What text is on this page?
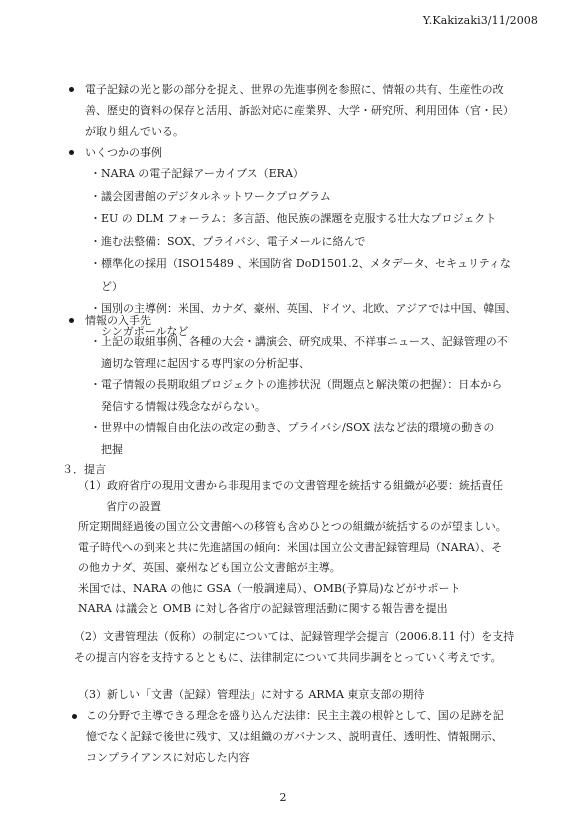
Y.Kakizaki3/11/2008
電子記録の光と影の部分を捉え、世界の先進事例を参照に、情報の共有、生産性の改
善、歴史的資料の保存と活用、訴訟対応に産業界、大学・研究所、利用団体（官・民）
が取り組んでいる。
いくつかの事例
・NARA の電子記録アーカイブス（ERA）
・議会図書館のデジタルネットワークプログラム
・EU の DLM フォーラム：多言語、他民族の課題を克服する壮大なプロジェクト
・進む法整備：SOX、プライバシ、電子メールに絡んで
・標準化の採用（ISO15489 、米国防省 DoD1501.2、メタデータ、セキュリティな
　ど）
・国別の主導例：米国、カナダ、豪州、英国、ドイツ、北欧、アジアでは中国、韓国、
　シンガポールなど
情報の入手先
・上記の取組事例、各種の大会・講演会、研究成果、不祥事ニュース、記録管理の不
　適切な管理に起因する専門家の分析記事、
・電子情報の長期取組プロジェクトの進捗状況（問題点と解決策の把握）：日本から
　発信する情報は残念ながらない。
・世界中の情報自由化法の改定の動き、プライバシ/SOX 法など法的環境の動きの
　把握
３．提言
（1）政府省庁の現用文書から非現用までの文書管理を統括する組織が必要：統括責任
省庁の設置
所定期間経過後の国立公文書館への移管も含めひとつの組織が統括するのが望ましい。
電子時代への到来と共に先進諸国の傾向：米国は国立公文書記録管理局（NARA）、そ
の他カナダ、英国、豪州なども国立公文書館が主導。
米国では、NARA の他に GSA（一般調達局）、OMB(予算局)などがサポート
NARA は議会と OMB に対し各省庁の記録管理活動に関する報告書を提出
（2）文書管理法（仮称）の制定については、記録管理学会提言（2006.8.11 付）を支持
その提言内容を支持するとともに、法律制定について共同歩調をとっていく考えです。
（3）新しい「文書（記録）管理法」に対する ARMA 東京支部の期待
この分野で主導できる理念を盛り込んだ法律：民主主義の根幹として、国の足跡を記
憶でなく記録で後世に残す、又は組織のガバナンス、説明責任、透明性、情報開示、
コンプライアンスに対応した内容
2
